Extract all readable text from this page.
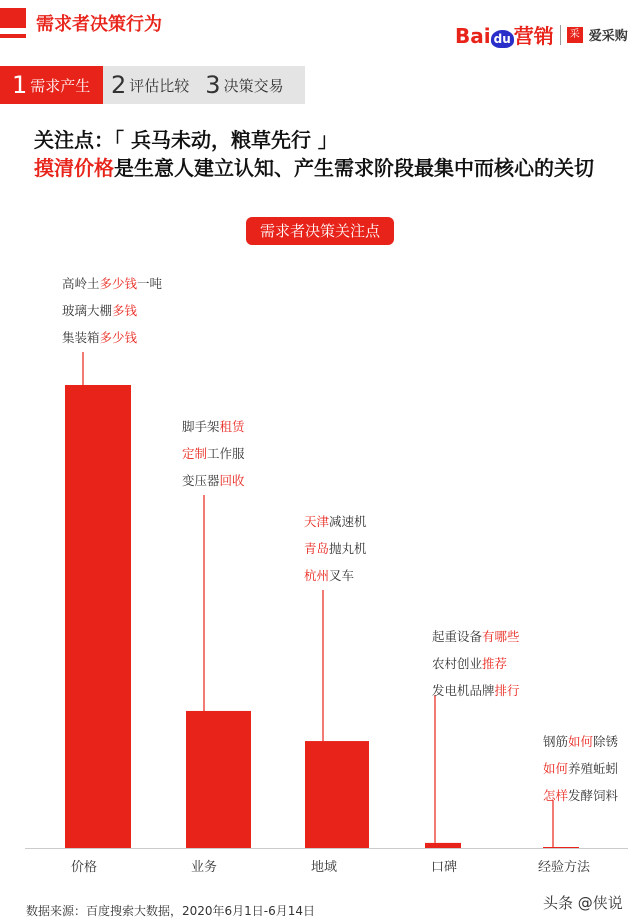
需求者决策行为	Bai du 营销	采 爱采购
1 需求产生 2 评估比较 3 决策交易
关注点：「 兵马未动，粮草先行 」
摸清价格是生意人建立认知、产生需求阶段最集中而核心的关切
需求者决策关注点
价格
高岭土多少钱一吨
玻璃大棚多钱
集装箱多少钱
业务
脚手架租赁
定制工作服
变压器回收
地域
天津减速机
青岛抛丸机
杭州叉车
口碑
起重设备有哪些
农村创业推荐
发电机品牌排行
经验方法
钢筋如何除锈
如何养殖蚯蚓
怎样发酵饲料
数据来源：百度搜索大数据，2020年6月1日-6月14日	头条 @侠说
